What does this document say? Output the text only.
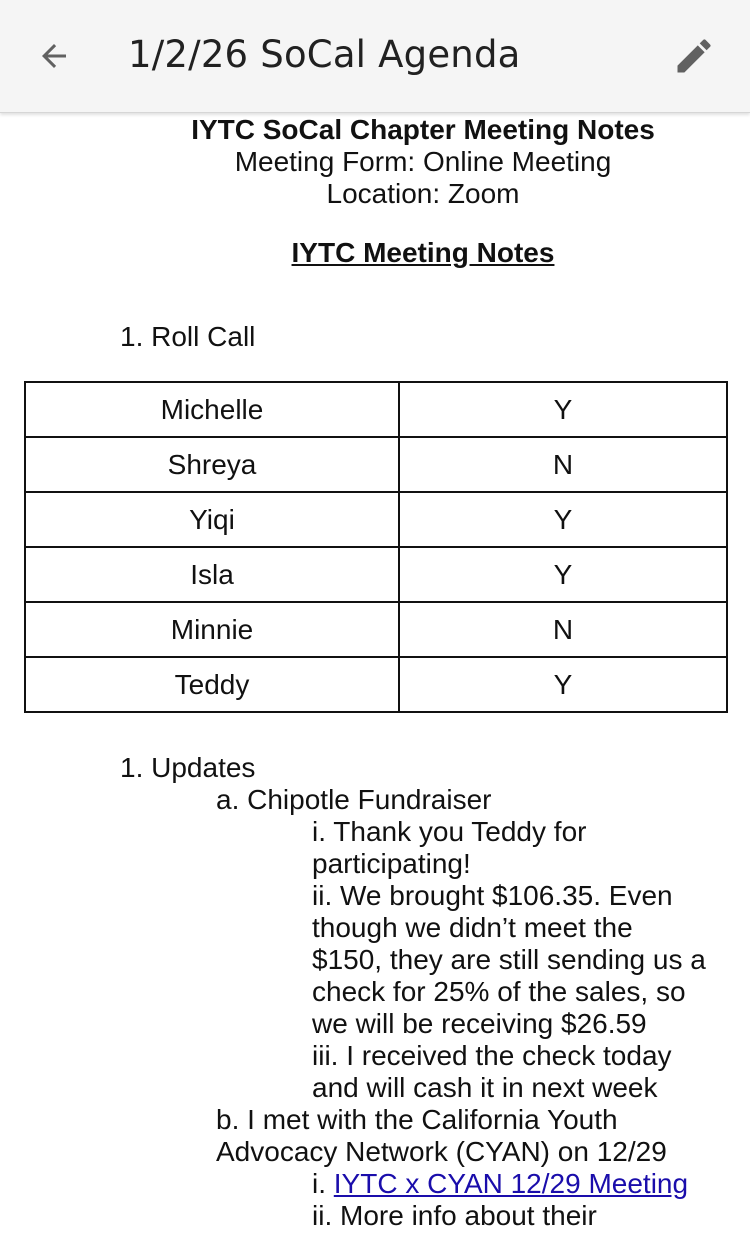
1/2/26 SoCal Agenda
IYTC SoCal Chapter Meeting Notes
Meeting Form: Online Meeting
Location: Zoom
IYTC Meeting Notes
1. Roll Call
Michelle	Y
Shreya	N
Yiqi	Y
Isla	Y
Minnie	N
Teddy	Y
1. Updates
a. Chipotle Fundraiser
i. Thank you Teddy for
participating!
ii. We brought $106.35. Even
though we didn’t meet the
$150, they are still sending us a
check for 25% of the sales, so
we will be receiving $26.59
iii. I received the check today
and will cash it in next week
b. I met with the California Youth
Advocacy Network (CYAN) on 12/29
i. IYTC x CYAN 12/29 Meeting
ii. More info about their
